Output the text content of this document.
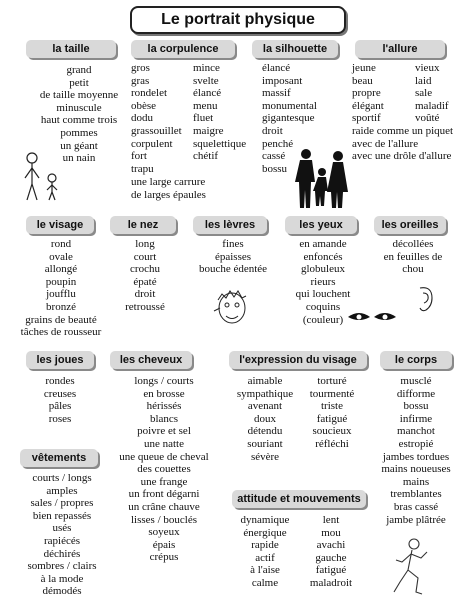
Le portrait physique
la taille	la corpulence	la silhouette	l'allure
le visage	le nez	les lèvres	les yeux	les oreilles
les joues	les cheveux	l'expression du visage	le corps
vêtements
attitude et mouvements
grand
petit
de taille moyenne
minuscule
haut comme trois
pommes
un géant
un nain
gros
gras
rondelet
obèse
dodu
grassouillet
corpulent
fort
trapu
mince
svelte
élancé
menu
fluet
maigre
squelettique
chétif
une large carrure
de larges épaules
élancé
imposant
massif
monumental
gigantesque
droit
penché
cassé
bossu
jeune
beau
propre
élégant
sportif
vieux
laid
sale
maladif
voûté
raide comme un piquet
avec de l'allure
avec une drôle d'allure
rond
ovale
allongé
poupin
joufflu
bronzé
grains de beauté
tâches de rousseur
long
court
crochu
épaté
droit
retroussé
fines
épaisses
bouche édentée
en amande
enfoncés
globuleux
rieurs
qui louchent
coquins
(couleur)
décollées
en feuilles de
chou
rondes
creuses
pâles
roses
longs / courts
en brosse
hérissés
blancs
poivre et sel
une natte
une queue de cheval
des couettes
une frange
un front dégarni
un crâne chauve
lisses / bouclés
soyeux
épais
crépus
aimable
sympathique
avenant
doux
détendu
souriant
sévère
torturé
tourmenté
triste
fatigué
soucieux
réfléchi
musclé
difforme
bossu
infirme
manchot
estropié
jambes tordues
mains noueuses
mains
tremblantes
bras cassé
jambe plâtrée
courts / longs
amples
sales / propres
bien repassés
usés
rapiécés
déchirés
sombres / clairs
à la mode
démodés
dynamique
énergique
rapide
actif
à l'aise
calme
lent
mou
avachi
gauche
fatigué
maladroit
